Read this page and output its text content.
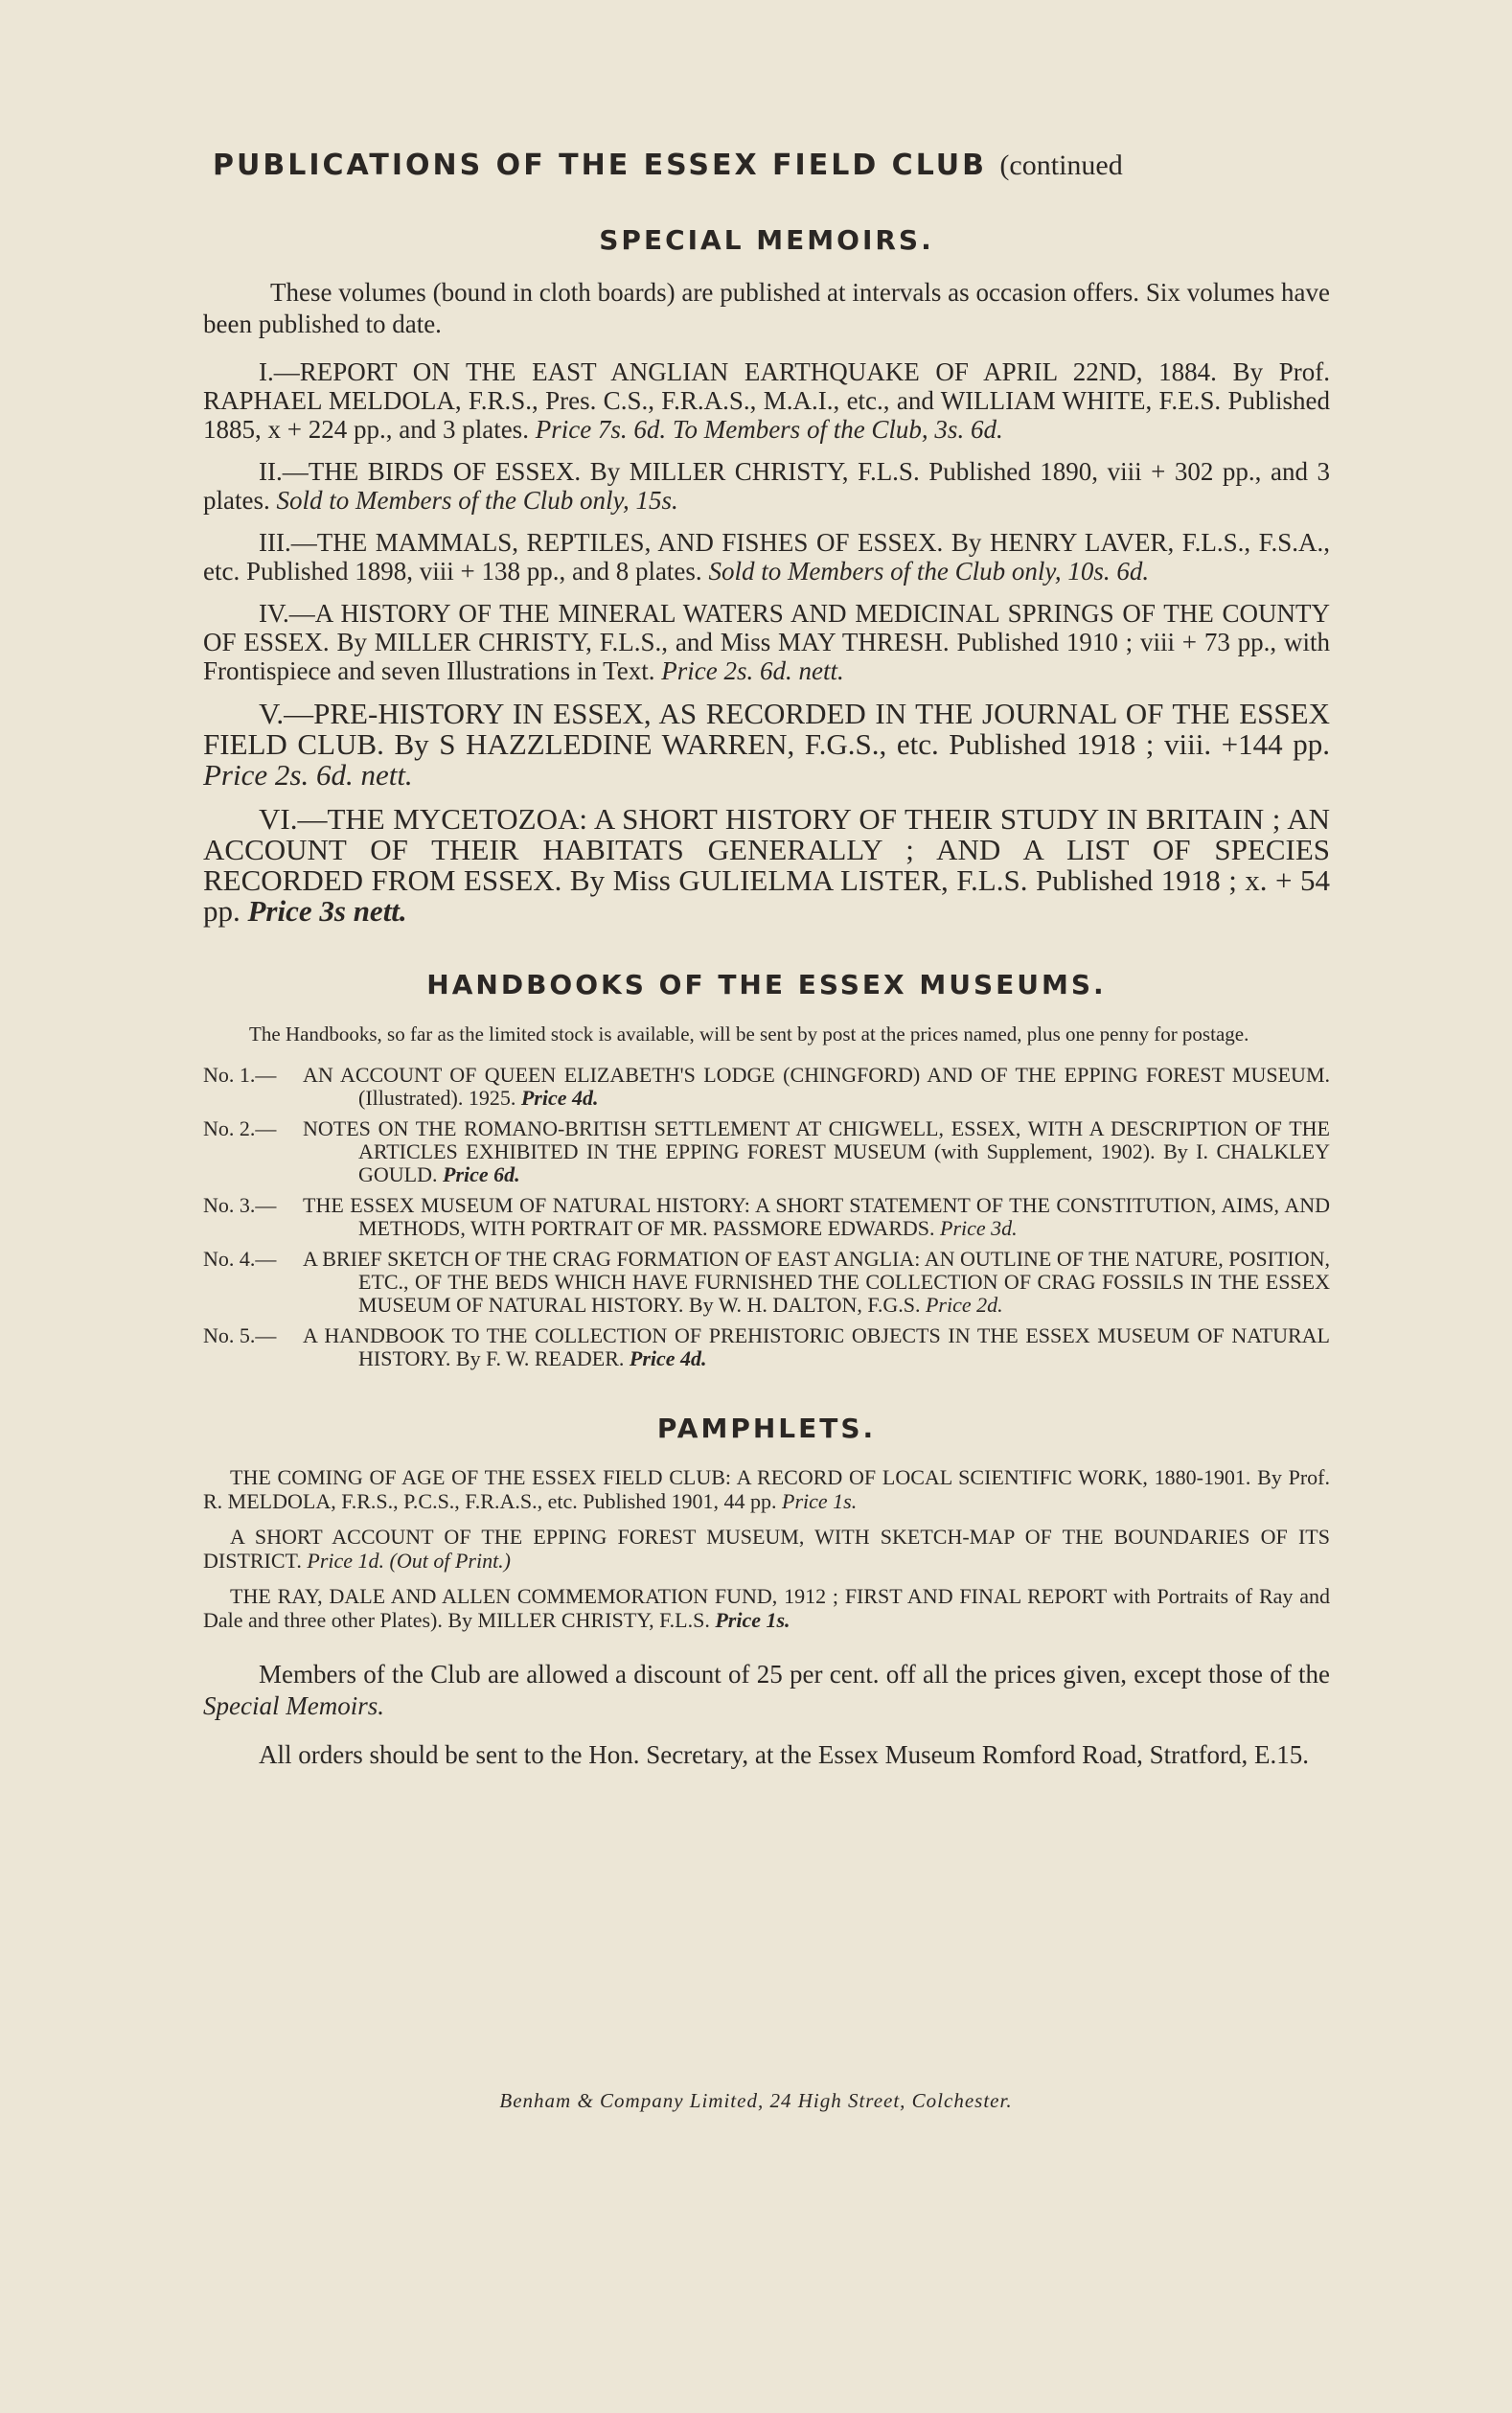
PUBLICATIONS OF THE ESSEX FIELD CLUB (continued
SPECIAL MEMOIRS.

These volumes (bound in cloth boards) are published at intervals as occasion offers. Six volumes have been published to date.

I.—REPORT ON THE EAST ANGLIAN EARTHQUAKE OF APRIL 22ND, 1884. By Prof. RAPHAEL MELDOLA, F.R.S., Pres. C.S., F.R.A.S., M.A.I., etc., and WILLIAM WHITE, F.E.S. Published 1885, x + 224 pp., and 3 plates. Price 7s. 6d. To Members of the Club, 3s. 6d.

II.—THE BIRDS OF ESSEX. By MILLER CHRISTY, F.L.S. Published 1890, viii + 302 pp., and 3 plates. Sold to Members of the Club only, 15s.

III.—THE MAMMALS, REPTILES, AND FISHES OF ESSEX. By HENRY LAVER, F.L.S., F.S.A., etc. Published 1898, viii + 138 pp., and 8 plates. Sold to Members of the Club only, 10s. 6d.

IV.—A HISTORY OF THE MINERAL WATERS AND MEDICINAL SPRINGS OF THE COUNTY OF ESSEX. By MILLER CHRISTY, F.L.S., and Miss MAY THRESH. Published 1910 ; viii + 73 pp., with Frontispiece and seven Illustrations in Text. Price 2s. 6d. nett.

V.—PRE-HISTORY IN ESSEX, AS RECORDED IN THE JOURNAL OF THE ESSEX FIELD CLUB. By S HAZZLEDINE WARREN, F.G.S., etc. Published 1918 ; viii. +144 pp. Price 2s. 6d. nett.

VI.—THE MYCETOZOA: A SHORT HISTORY OF THEIR STUDY IN BRITAIN ; AN ACCOUNT OF THEIR HABITATS GENERALLY ; AND A LIST OF SPECIES RECORDED FROM ESSEX. By Miss GULIELMA LISTER, F.L.S. Published 1918 ; x. + 54 pp. Price 3s nett.

HANDBOOKS OF THE ESSEX MUSEUMS.

The Handbooks, so far as the limited stock is available, will be sent by post at the prices named, plus one penny for postage.

No. 1.— AN ACCOUNT OF QUEEN ELIZABETH'S LODGE (CHINGFORD) AND OF THE EPPING FOREST MUSEUM. (Illustrated). 1925. Price 4d.

No. 2.— NOTES ON THE ROMANO-BRITISH SETTLEMENT AT CHIGWELL, ESSEX, WITH A DESCRIPTION OF THE ARTICLES EXHIBITED IN THE EPPING FOREST MUSEUM (with Supplement, 1902). By I. CHALKLEY GOULD. Price 6d.

No. 3.— THE ESSEX MUSEUM OF NATURAL HISTORY: A SHORT STATEMENT OF THE CONSTITUTION, AIMS, AND METHODS, WITH PORTRAIT OF MR. PASSMORE EDWARDS. Price 3d.

No. 4.— A BRIEF SKETCH OF THE CRAG FORMATION OF EAST ANGLIA: AN OUTLINE OF THE NATURE, POSITION, ETC., OF THE BEDS WHICH HAVE FURNISHED THE COLLECTION OF CRAG FOSSILS IN THE ESSEX MUSEUM OF NATURAL HISTORY. By W. H. DALTON, F.G.S. Price 2d.

No. 5.— A HANDBOOK TO THE COLLECTION OF PREHISTORIC OBJECTS IN THE ESSEX MUSEUM OF NATURAL HISTORY. By F. W. READER. Price 4d.

PAMPHLETS.

THE COMING OF AGE OF THE ESSEX FIELD CLUB: A RECORD OF LOCAL SCIENTIFIC WORK, 1880-1901. By Prof. R. MELDOLA, F.R.S., P.C.S., F.R.A.S., etc. Published 1901, 44 pp. Price 1s.

A SHORT ACCOUNT OF THE EPPING FOREST MUSEUM, WITH SKETCH-MAP OF THE BOUNDARIES OF ITS DISTRICT. Price 1d. (Out of Print.)

THE RAY, DALE AND ALLEN COMMEMORATION FUND, 1912 ; FIRST AND FINAL REPORT with Portraits of Ray and Dale and three other Plates). By MILLER CHRISTY, F.L.S. Price 1s.

Members of the Club are allowed a discount of 25 per cent. off all the prices given, except those of the Special Memoirs.

All orders should be sent to the Hon. Secretary, at the Essex Museum Romford Road, Stratford, E.15.

Benham & Company Limited, 24 High Street, Colchester.
